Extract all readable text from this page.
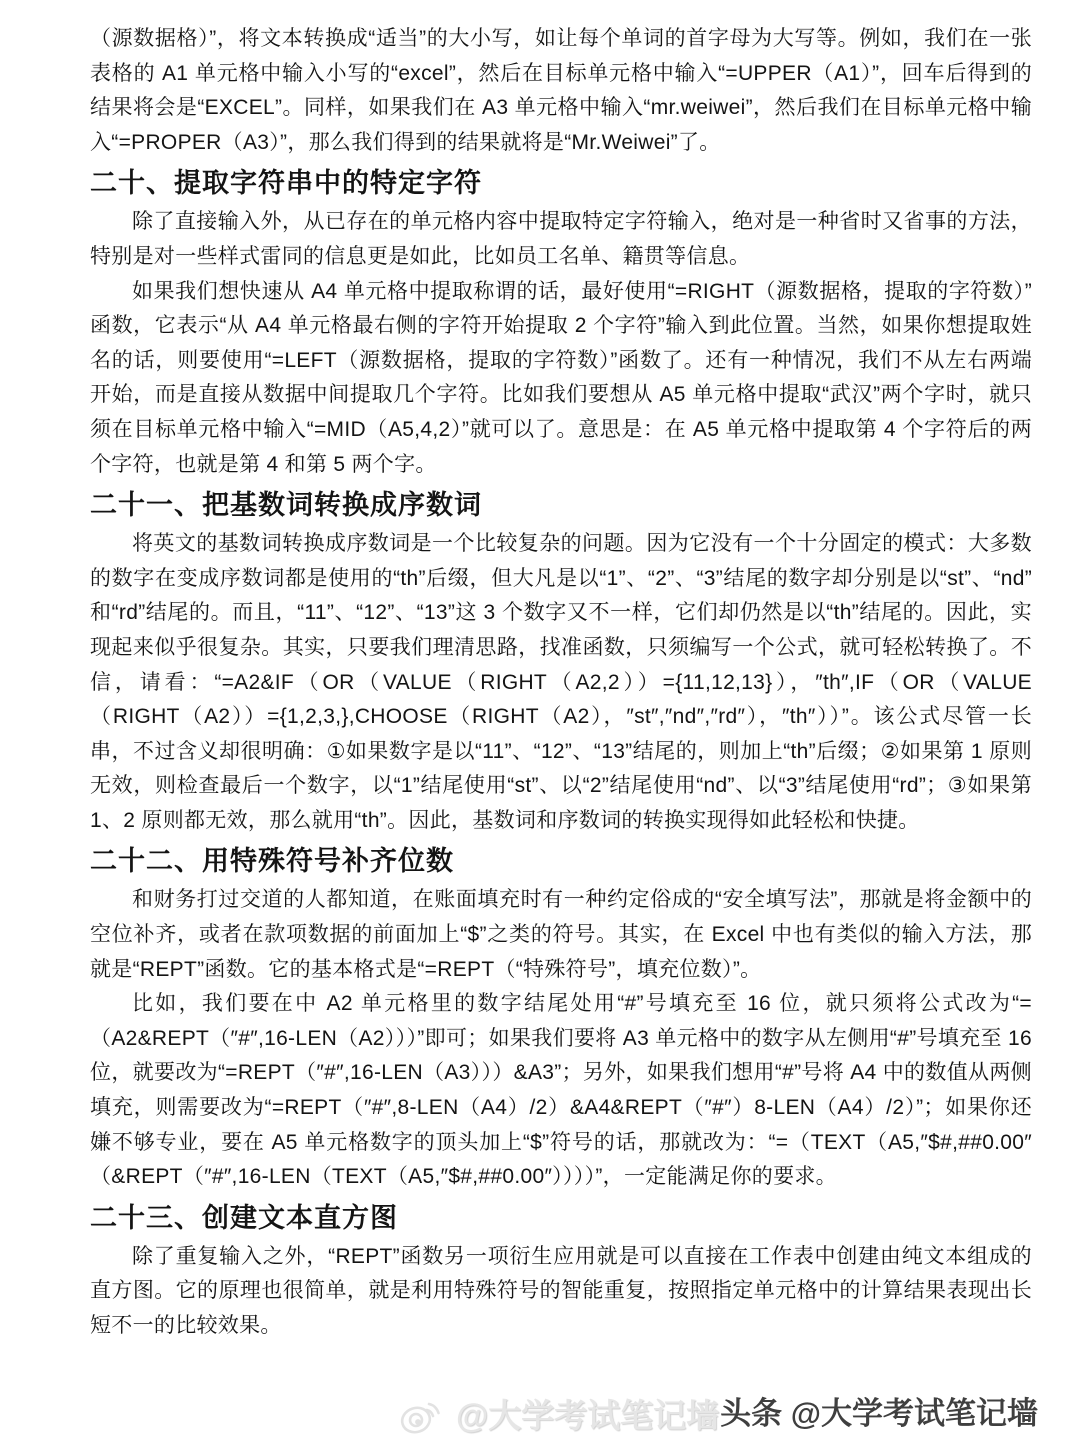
（源数据格）”，将文本转换成“适当”的大小写，如让每个单词的首字母为大写等。例如，我们在一张表格的 A1 单元格中输入小写的“excel”，然后在目标单元格中输入“=UPPER（A1）”，回车后得到的结果将会是“EXCEL”。同样，如果我们在 A3 单元格中输入“mr.weiwei”，然后我们在目标单元格中输入“=PROPER（A3）”，那么我们得到的结果就将是“Mr.Weiwei”了。

二十、提取字符串中的特定字符

除了直接输入外，从已存在的单元格内容中提取特定字符输入，绝对是一种省时又省事的方法，特别是对一些样式雷同的信息更是如此，比如员工名单、籍贯等信息。

如果我们想快速从 A4 单元格中提取称谓的话，最好使用“=RIGHT（源数据格，提取的字符数）”函数，它表示“从 A4 单元格最右侧的字符开始提取 2 个字符”输入到此位置。当然，如果你想提取姓名的话，则要使用“=LEFT（源数据格，提取的字符数）”函数了。还有一种情况，我们不从左右两端开始，而是直接从数据中间提取几个字符。比如我们要想从 A5 单元格中提取“武汉”两个字时，就只须在目标单元格中输入“=MID（A5,4,2）”就可以了。意思是：在 A5 单元格中提取第 4 个字符后的两个字符，也就是第 4 和第 5 两个字。

二十一、把基数词转换成序数词

将英文的基数词转换成序数词是一个比较复杂的问题。因为它没有一个十分固定的模式：大多数的数字在变成序数词都是使用的“th”后缀，但大凡是以“1”、“2”、“3”结尾的数字却分别是以“st”、“nd”和“rd”结尾的。而且，“11”、“12”、“13”这 3 个数字又不一样，它们却仍然是以“th”结尾的。因此，实现起来似乎很复杂。其实，只要我们理清思路，找准函数，只须编写一个公式，就可轻松转换了。不信，请看：“=A2&IF（OR（VALUE（RIGHT（A2,2））={11,12,13}），″th″,IF（OR（VALUE（RIGHT（A2））={1,2,3,},CHOOSE（RIGHT（A2），″st″,″nd″,″rd″），″th″））”。该公式尽管一长串，不过含义却很明确：①如果数字是以“11”、“12”、“13”结尾的，则加上“th”后缀；②如果第 1 原则无效，则检查最后一个数字，以“1”结尾使用“st”、以“2”结尾使用“nd”、以“3”结尾使用“rd”；③如果第 1、2 原则都无效，那么就用“th”。因此，基数词和序数词的转换实现得如此轻松和快捷。

二十二、用特殊符号补齐位数

和财务打过交道的人都知道，在账面填充时有一种约定俗成的“安全填写法”，那就是将金额中的空位补齐，或者在款项数据的前面加上“$”之类的符号。其实，在 Excel 中也有类似的输入方法，那就是“REPT”函数。它的基本格式是“=REPT（“特殊符号”，填充位数）”。

比如，我们要在中 A2 单元格里的数字结尾处用“#”号填充至 16 位，就只须将公式改为“=（A2&REPT（″#″,16-LEN（A2）））”即可；如果我们要将 A3 单元格中的数字从左侧用“#”号填充至 16 位，就要改为“=REPT（″#″,16-LEN（A3）））&A3”；另外，如果我们想用“#”号将 A4 中的数值从两侧填充，则需要改为“=REPT（″#″,8-LEN（A4）/2）&A4&REPT（″#″）8-LEN（A4）/2）”；如果你还嫌不够专业，要在 A5 单元格数字的顶头加上“$”符号的话，那就改为：“=（TEXT（A5,″$#,##0.00″（&REPT（″#″,16-LEN（TEXT（A5,″$#,##0.00″））））”，一定能满足你的要求。

二十三、创建文本直方图

除了重复输入之外，“REPT”函数另一项衍生应用就是可以直接在工作表中创建由纯文本组成的直方图。它的原理也很简单，就是利用特殊符号的智能重复，按照指定单元格中的计算结果表现出长短不一的比较效果。

@大学考试笔记墙 头条 @大学考试笔记墙
